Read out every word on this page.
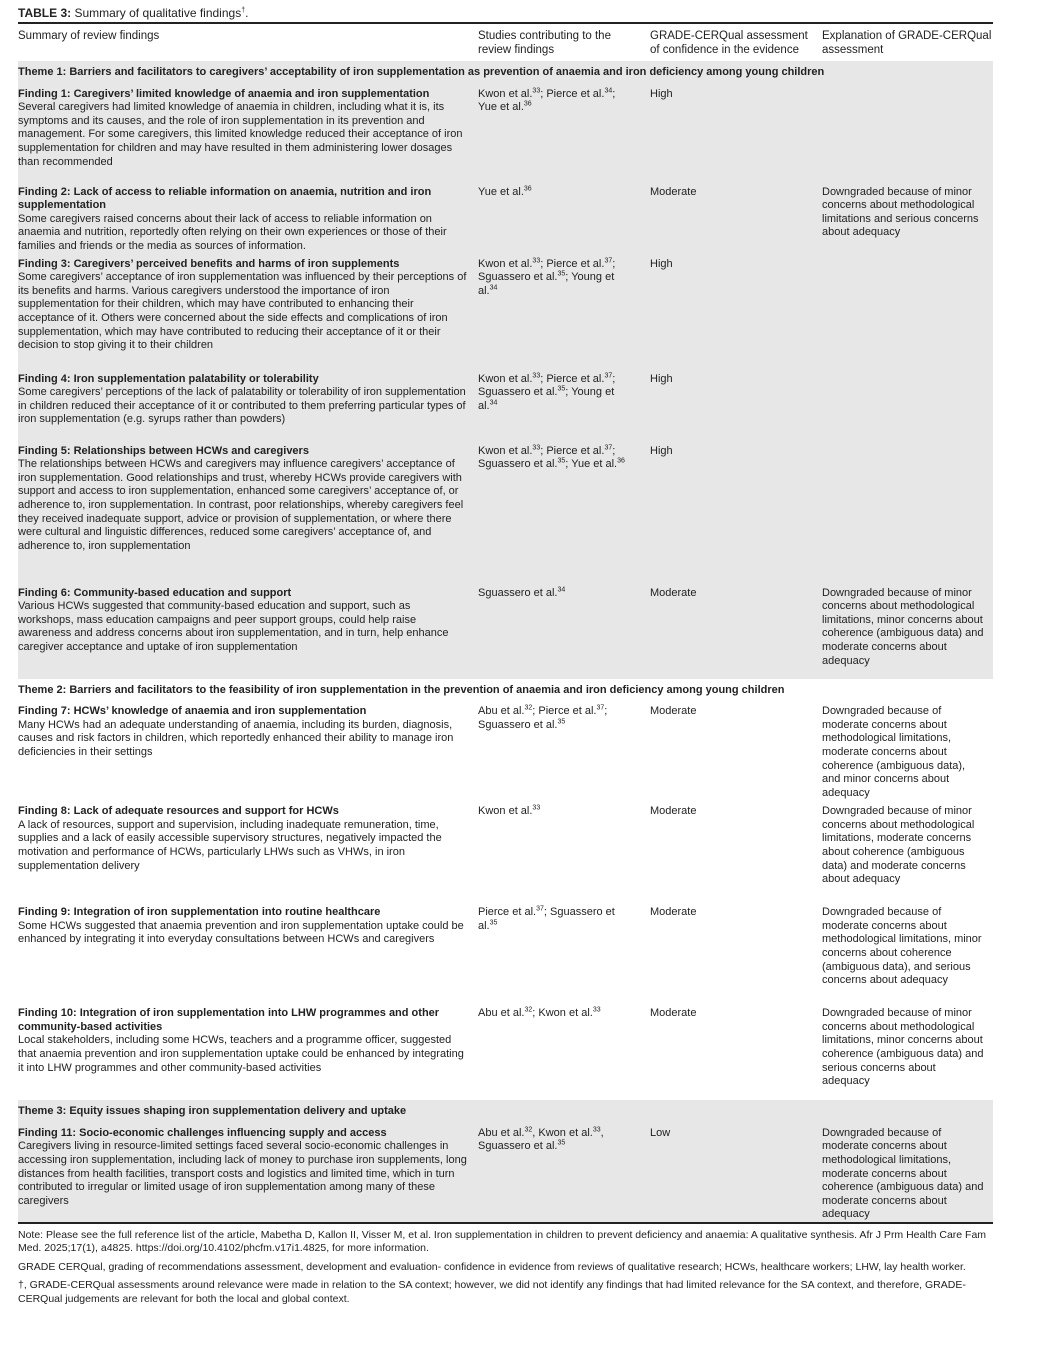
TABLE 3: Summary of qualitative findings†.
Summary of review findings	Studies contributing to the review findings	GRADE-CERQual assessment of confidence in the evidence	Explanation of GRADE-CERQual assessment
Theme 1: Barriers and facilitators to caregivers’ acceptability of iron supplementation as prevention of anaemia and iron deficiency among young children			

Finding 1: Caregivers’ limited knowledge of anaemia and iron supplementation
Several caregivers had limited knowledge of anaemia in children, including what it is, its symptoms and its causes, and the role of iron supplementation in its prevention and management. For some caregivers, this limited knowledge reduced their acceptance of iron supplementation for children and may have resulted in them administering lower dosages than recommended	Kwon et al.$^{33}$; Pierce et al.$^{34}$; Yue et al.$^{36}$	High	

Finding 2: Lack of access to reliable information on anaemia, nutrition and iron supplementation
Some caregivers raised concerns about their lack of access to reliable information on anaemia and nutrition, reportedly often relying on their own experiences or those of their families and friends or the media as sources of information.	Yue et al.$^{36}$	Moderate	Downgraded because of minor concerns about methodological limitations and serious concerns about adequacy

Finding 3: Caregivers’ perceived benefits and harms of iron supplements
Some caregivers’ acceptance of iron supplementation was influenced by their perceptions of its benefits and harms. Various caregivers understood the importance of iron supplementation for their children, which may have contributed to enhancing their acceptance of it. Others were concerned about the side effects and complications of iron supplementation, which may have contributed to reducing their acceptance of it or their decision to stop giving it to their children	Kwon et al.$^{33}$; Pierce et al.$^{37}$; Sguassero et al.$^{35}$; Young et al.$^{34}$	High	

Finding 4: Iron supplementation palatability or tolerability
Some caregivers’ perceptions of the lack of palatability or tolerability of iron supplementation in children reduced their acceptance of it or contributed to them preferring particular types of iron supplementation (e.g. syrups rather than powders)	Kwon et al.$^{33}$; Pierce et al.$^{37}$; Sguassero et al.$^{35}$; Young et al.$^{34}$	High	

Finding 5: Relationships between HCWs and caregivers
The relationships between HCWs and caregivers may influence caregivers’ acceptance of iron supplementation. Good relationships and trust, whereby HCWs provide caregivers with support and access to iron supplementation, enhanced some caregivers’ acceptance of, or adherence to, iron supplementation. In contrast, poor relationships, whereby caregivers feel they received inadequate support, advice or provision of supplementation, or where there were cultural and linguistic differences, reduced some caregivers’ acceptance of, and adherence to, iron supplementation	Kwon et al.$^{33}$; Pierce et al.$^{37}$; Sguassero et al.$^{35}$; Yue et al.$^{36}$	High	

Finding 6: Community-based education and support
Various HCWs suggested that community-based education and support, such as workshops, mass education campaigns and peer support groups, could help raise awareness and address concerns about iron supplementation, and in turn, help enhance caregiver acceptance and uptake of iron supplementation	Sguassero et al.$^{34}$	Moderate	Downgraded because of minor concerns about methodological limitations, minor concerns about coherence (ambiguous data) and moderate concerns about adequacy
Theme 2: Barriers and facilitators to the feasibility of iron supplementation in the prevention of anaemia and iron deficiency among young children			

Finding 7: HCWs’ knowledge of anaemia and iron supplementation
Many HCWs had an adequate understanding of anaemia, including its burden, diagnosis, causes and risk factors in children, which reportedly enhanced their ability to manage iron deficiencies in their settings	Abu et al.$^{32}$; Pierce et al.$^{37}$; Sguassero et al.$^{35}$	Moderate	Downgraded because of moderate concerns about methodological limitations, moderate concerns about coherence (ambiguous data), and minor concerns about adequacy

Finding 8: Lack of adequate resources and support for HCWs
A lack of resources, support and supervision, including inadequate remuneration, time, supplies and a lack of easily accessible supervisory structures, negatively impacted the motivation and performance of HCWs, particularly LHWs such as VHWs, in iron supplementation delivery	Kwon et al.$^{33}$	Moderate	Downgraded because of minor concerns about methodological limitations, moderate concerns about coherence (ambiguous data) and moderate concerns about adequacy

Finding 9: Integration of iron supplementation into routine healthcare
Some HCWs suggested that anaemia prevention and iron supplementation uptake could be enhanced by integrating it into everyday consultations between HCWs and caregivers	Pierce et al.$^{37}$; Sguassero et al.$^{35}$	Moderate	Downgraded because of moderate concerns about methodological limitations, minor concerns about coherence (ambiguous data), and serious concerns about adequacy

Finding 10: Integration of iron supplementation into LHW programmes and other community-based activities
Local stakeholders, including some HCWs, teachers and a programme officer, suggested that anaemia prevention and iron supplementation uptake could be enhanced by integrating it into LHW programmes and other community-based activities	Abu et al.$^{32}$; Kwon et al.$^{33}$	Moderate	Downgraded because of minor concerns about methodological limitations, minor concerns about coherence (ambiguous data) and serious concerns about adequacy
Theme 3: Equity issues shaping iron supplementation delivery and uptake			

Finding 11: Socio-economic challenges influencing supply and access
Caregivers living in resource-limited settings faced several socio-economic challenges in accessing iron supplementation, including lack of money to purchase iron supplements, long distances from health facilities, transport costs and logistics and limited time, which in turn contributed to irregular or limited usage of iron supplementation among many of these caregivers	Abu et al.$^{32}$, Kwon et al.$^{33}$, Sguassero et al.$^{35}$	Low	Downgraded because of moderate concerns about methodological limitations, moderate concerns about coherence (ambiguous data) and moderate concerns about adequacy

Note: Please see the full reference list of the article, Mabetha D, Kallon II, Visser M, et al. Iron supplementation in children to prevent deficiency and anaemia: A qualitative synthesis. Afr J Prm Health Care Fam Med. 2025;17(1), a4825. https://doi.org/10.4102/phcfm.v17i1.4825, for more information.

GRADE CERQual, grading of recommendations assessment, development and evaluation- confidence in evidence from reviews of qualitative research; HCWs, healthcare workers; LHW, lay health worker.

†, GRADE-CERQual assessments around relevance were made in relation to the SA context; however, we did not identify any findings that had limited relevance for the SA context, and therefore, GRADE-CERQual judgements are relevant for both the local and global context.
